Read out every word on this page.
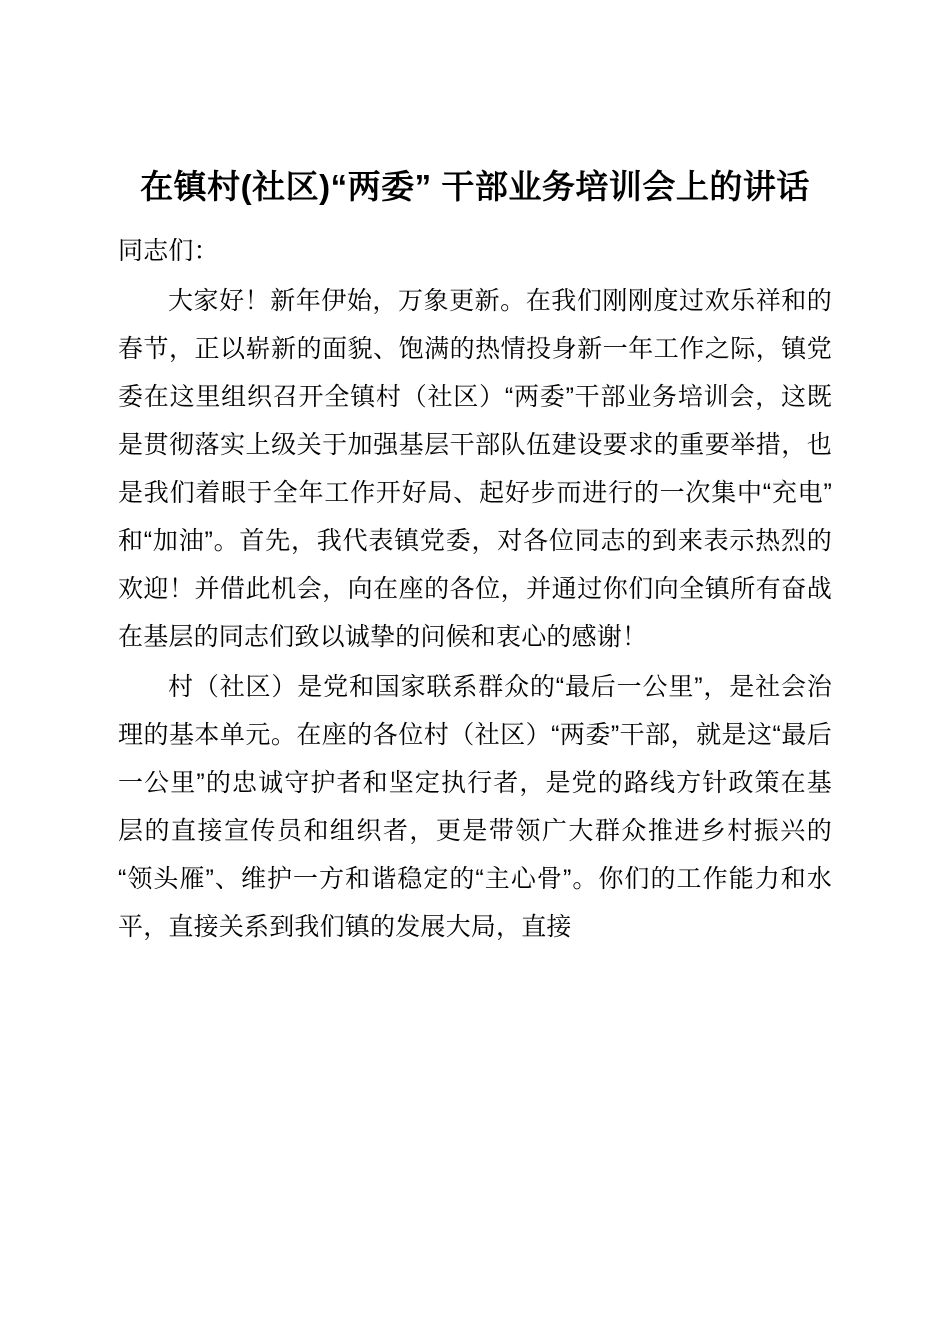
在镇村(社区)“两委” 干部业务培训会上的讲话

同志们：

大家好！新年伊始，万象更新。在我们刚刚度过欢乐祥和的春节，正以崭新的面貌、饱满的热情投身新一年工作之际，镇党委在这里组织召开全镇村（社区）“两委”干部业务培训会，这既是贯彻落实上级关于加强基层干部队伍建设要求的重要举措，也是我们着眼于全年工作开好局、起好步而进行的一次集中“充电”和“加油”。首先，我代表镇党委，对各位同志的到来表示热烈的欢迎！并借此机会，向在座的各位，并通过你们向全镇所有奋战在基层的同志们致以诚挚的问候和衷心的感谢！

村（社区）是党和国家联系群众的“最后一公里”，是社会治理的基本单元。在座的各位村（社区）“两委”干部，就是这“最后一公里”的忠诚守护者和坚定执行者，是党的路线方针政策在基层的直接宣传员和组织者，更是带领广大群众推进乡村振兴的“领头雁”、维护一方和谐稳定的“主心骨”。你们的工作能力和水平，直接关系到我们镇的发展大局，直接
